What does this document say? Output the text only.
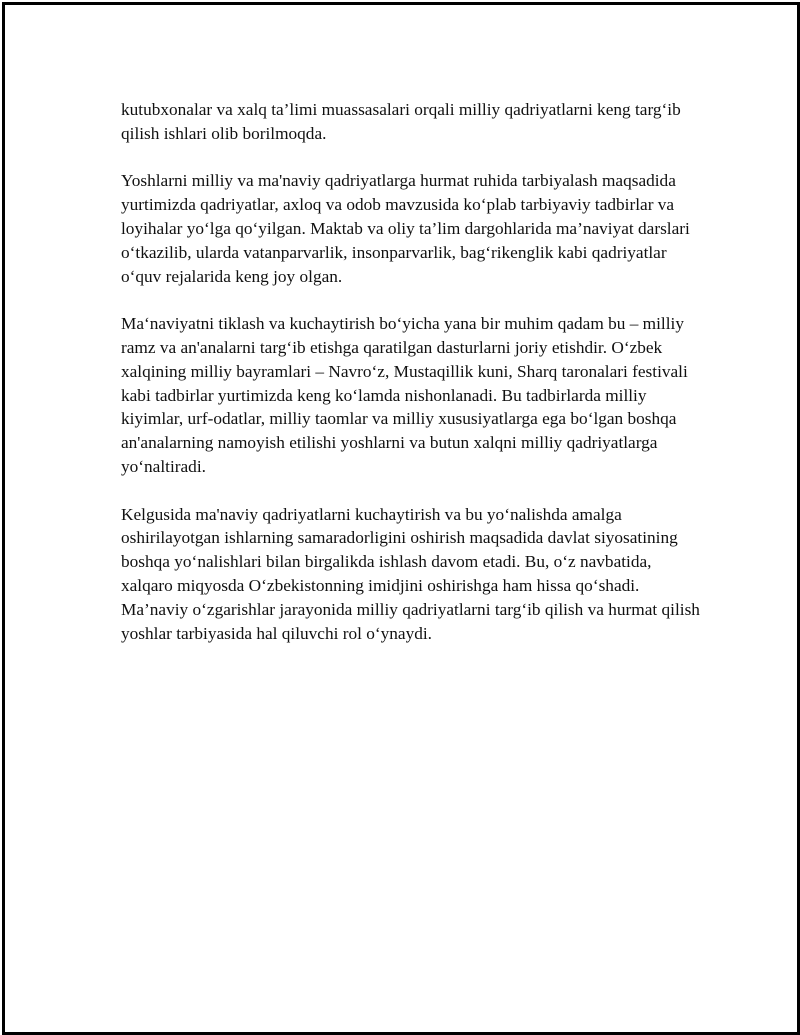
kutubxonalar va xalq ta’limi muassasalari orqali milliy qadriyatlarni keng targ‘ib qilish ishlari olib borilmoqda.

Yoshlarni milliy va ma'naviy qadriyatlarga hurmat ruhida tarbiyalash maqsadida yurtimizda qadriyatlar, axloq va odob mavzusida ko‘plab tarbiyaviy tadbirlar va loyihalar yo‘lga qo‘yilgan. Maktab va oliy ta’lim dargohlarida ma’naviyat darslari o‘tkazilib, ularda vatanparvarlik, insonparvarlik, bag‘rikenglik kabi qadriyatlar o‘quv rejalarida keng joy olgan.

Ma‘naviyatni tiklash va kuchaytirish bo‘yicha yana bir muhim qadam bu – milliy ramz va an'analarni targ‘ib etishga qaratilgan dasturlarni joriy etishdir. O‘zbek xalqining milliy bayramlari – Navro‘z, Mustaqillik kuni, Sharq taronalari festivali kabi tadbirlar yurtimizda keng ko‘lamda nishonlanadi. Bu tadbirlarda milliy kiyimlar, urf-odatlar, milliy taomlar va milliy xususiyatlarga ega bo‘lgan boshqa an'analarning namoyish etilishi yoshlarni va butun xalqni milliy qadriyatlarga yo‘naltiradi.

Kelgusida ma'naviy qadriyatlarni kuchaytirish va bu yo‘nalishda amalga oshirilayotgan ishlarning samaradorligini oshirish maqsadida davlat siyosatining boshqa yo‘nalishlari bilan birgalikda ishlash davom etadi. Bu, o‘z navbatida, xalqaro miqyosda O‘zbekistonning imidjini oshirishga ham hissa qo‘shadi. Ma’naviy o‘zgarishlar jarayonida milliy qadriyatlarni targ‘ib qilish va hurmat qilish yoshlar tarbiyasida hal qiluvchi rol o‘ynaydi.
